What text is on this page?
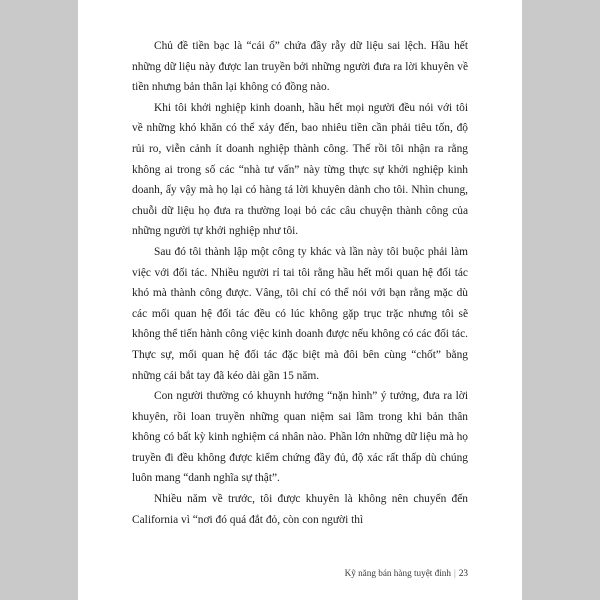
Chủ đề tiền bạc là “cái ổ” chứa đầy rẫy dữ liệu sai lệch. Hầu hết những dữ liệu này được lan truyền bởi những người đưa ra lời khuyên về tiền nhưng bản thân lại không có đồng nào.

Khi tôi khởi nghiệp kinh doanh, hầu hết mọi người đều nói với tôi về những khó khăn có thể xảy đến, bao nhiêu tiền cần phải tiêu tốn, độ rủi ro, viễn cảnh ít doanh nghiệp thành công. Thế rồi tôi nhận ra rằng không ai trong số các “nhà tư vấn” này từng thực sự khởi nghiệp kinh doanh, ấy vậy mà họ lại có hàng tá lời khuyên dành cho tôi. Nhìn chung, chuỗi dữ liệu họ đưa ra thường loại bỏ các câu chuyện thành công của những người tự khởi nghiệp như tôi.

Sau đó tôi thành lập một công ty khác và lần này tôi buộc phải làm việc với đối tác. Nhiều người rỉ tai tôi rằng hầu hết mối quan hệ đối tác khó mà thành công được. Vâng, tôi chỉ có thể nói với bạn rằng mặc dù các mối quan hệ đối tác đều có lúc không gặp trục trặc nhưng tôi sẽ không thể tiến hành công việc kinh doanh được nếu không có các đối tác. Thực sự, mối quan hệ đối tác đặc biệt mà đôi bên cùng “chốt” bằng những cái bắt tay đã kéo dài gần 15 năm.

Con người thường có khuynh hướng “nặn hình” ý tưởng, đưa ra lời khuyên, rồi loan truyền những quan niệm sai lầm trong khi bản thân không có bất kỳ kinh nghiệm cá nhân nào. Phần lớn những dữ liệu mà họ truyền đi đều không được kiểm chứng đầy đủ, độ xác rất thấp dù chúng luôn mang “danh nghĩa sự thật”.

Nhiều năm về trước, tôi được khuyên là không nên chuyển đến California vì “nơi đó quá đắt đỏ, còn con người thì

Kỹ năng bán hàng tuyệt đỉnh | 23
